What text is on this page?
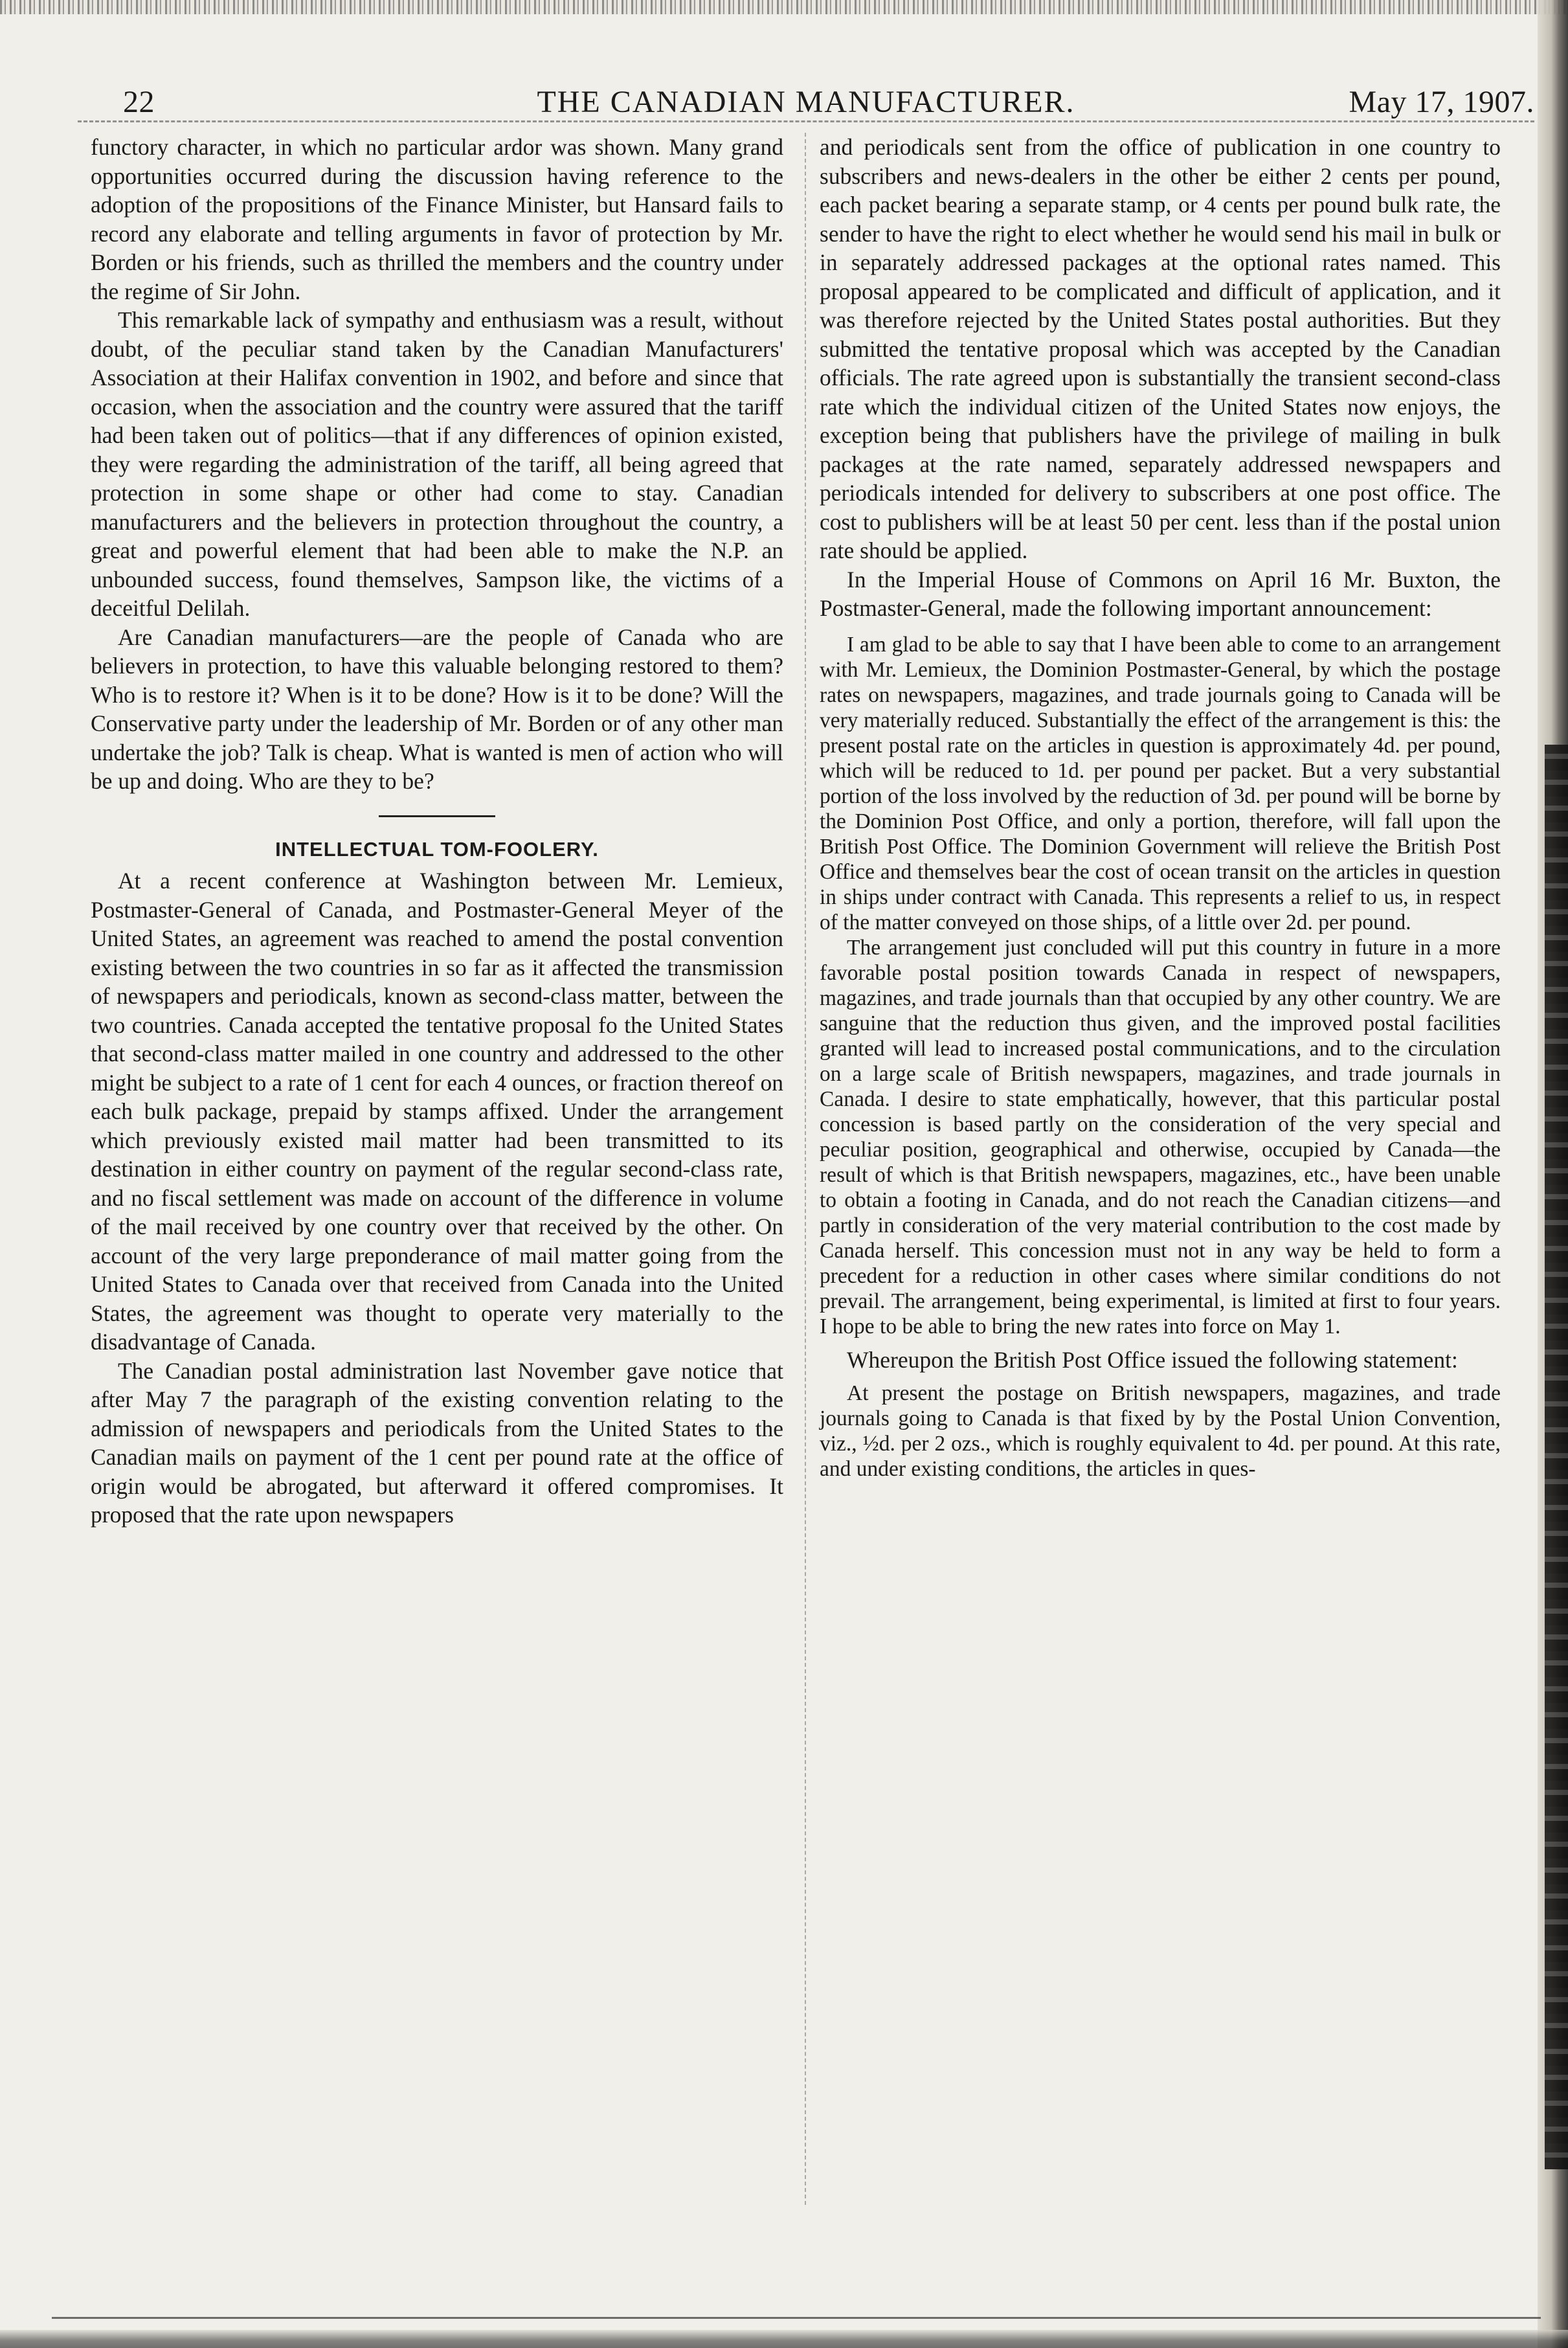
22	THE CANADIAN MANUFACTURER.	May 17, 1907.

functory character, in which no particular ardor was shown. Many grand opportunities occurred during the discussion having reference to the adoption of the propositions of the Finance Minister, but Hansard fails to record any elaborate and telling arguments in favor of protection by Mr. Borden or his friends, such as thrilled the members and the country under the regime of Sir John.

This remarkable lack of sympathy and enthusiasm was a result, without doubt, of the peculiar stand taken by the Canadian Manufacturers' Association at their Halifax convention in 1902, and before and since that occasion, when the association and the country were assured that the tariff had been taken out of politics—that if any differences of opinion existed, they were regarding the administration of the tariff, all being agreed that protection in some shape or other had come to stay. Canadian manufacturers and the believers in protection throughout the country, a great and powerful element that had been able to make the N.P. an unbounded success, found themselves, Sampson like, the victims of a deceitful Delilah.

Are Canadian manufacturers—are the people of Canada who are believers in protection, to have this valuable belonging restored to them? Who is to restore it? When is it to be done? How is it to be done? Will the Conservative party under the leadership of Mr. Borden or of any other man undertake the job? Talk is cheap. What is wanted is men of action who will be up and doing. Who are they to be?

INTELLECTUAL TOM-FOOLERY.

At a recent conference at Washington between Mr. Lemieux, Postmaster-General of Canada, and Postmaster-General Meyer of the United States, an agreement was reached to amend the postal convention existing between the two countries in so far as it affected the transmission of newspapers and periodicals, known as second-class matter, between the two countries. Canada accepted the tentative proposal fo the United States that second-class matter mailed in one country and addressed to the other might be subject to a rate of 1 cent for each 4 ounces, or fraction thereof on each bulk package, prepaid by stamps affixed. Under the arrangement which previously existed mail matter had been transmitted to its destination in either country on payment of the regular second-class rate, and no fiscal settlement was made on account of the difference in volume of the mail received by one country over that received by the other. On account of the very large preponderance of mail matter going from the United States to Canada over that received from Canada into the United States, the agreement was thought to operate very materially to the disadvantage of Canada.

The Canadian postal administration last November gave notice that after May 7 the paragraph of the existing convention relating to the admission of newspapers and periodicals from the United States to the Canadian mails on payment of the 1 cent per pound rate at the office of origin would be abrogated, but afterward it offered compromises. It proposed that the rate upon newspapers

and periodicals sent from the office of publication in one country to subscribers and news-dealers in the other be either 2 cents per pound, each packet bearing a separate stamp, or 4 cents per pound bulk rate, the sender to have the right to elect whether he would send his mail in bulk or in separately addressed packages at the optional rates named. This proposal appeared to be complicated and difficult of application, and it was therefore rejected by the United States postal authorities. But they submitted the tentative proposal which was accepted by the Canadian officials. The rate agreed upon is substantially the transient second-class rate which the individual citizen of the United States now enjoys, the exception being that publishers have the privilege of mailing in bulk packages at the rate named, separately addressed newspapers and periodicals intended for delivery to subscribers at one post office. The cost to publishers will be at least 50 per cent. less than if the postal union rate should be applied.

In the Imperial House of Commons on April 16 Mr. Buxton, the Postmaster-General, made the following important announcement:

I am glad to be able to say that I have been able to come to an arrangement with Mr. Lemieux, the Dominion Postmaster-General, by which the postage rates on newspapers, magazines, and trade journals going to Canada will be very materially reduced. Substantially the effect of the arrangement is this: the present postal rate on the articles in question is approximately 4d. per pound, which will be reduced to 1d. per pound per packet. But a very substantial portion of the loss involved by the reduction of 3d. per pound will be borne by the Dominion Post Office, and only a portion, therefore, will fall upon the British Post Office. The Dominion Government will relieve the British Post Office and themselves bear the cost of ocean transit on the articles in question in ships under contract with Canada. This represents a relief to us, in respect of the matter conveyed on those ships, of a little over 2d. per pound.

The arrangement just concluded will put this country in future in a more favorable postal position towards Canada in respect of newspapers, magazines, and trade journals than that occupied by any other country. We are sanguine that the reduction thus given, and the improved postal facilities granted will lead to increased postal communications, and to the circulation on a large scale of British newspapers, magazines, and trade journals in Canada. I desire to state emphatically, however, that this particular postal concession is based partly on the consideration of the very special and peculiar position, geographical and otherwise, occupied by Canada—the result of which is that British newspapers, magazines, etc., have been unable to obtain a footing in Canada, and do not reach the Canadian citizens—and partly in consideration of the very material contribution to the cost made by Canada herself. This concession must not in any way be held to form a precedent for a reduction in other cases where similar conditions do not prevail. The arrangement, being experimental, is limited at first to four years. I hope to be able to bring the new rates into force on May 1.

Whereupon the British Post Office issued the following statement:

At present the postage on British newspapers, magazines, and trade journals going to Canada is that fixed by by the Postal Union Convention, viz., ½d. per 2 ozs., which is roughly equivalent to 4d. per pound. At this rate, and under existing conditions, the articles in ques-
